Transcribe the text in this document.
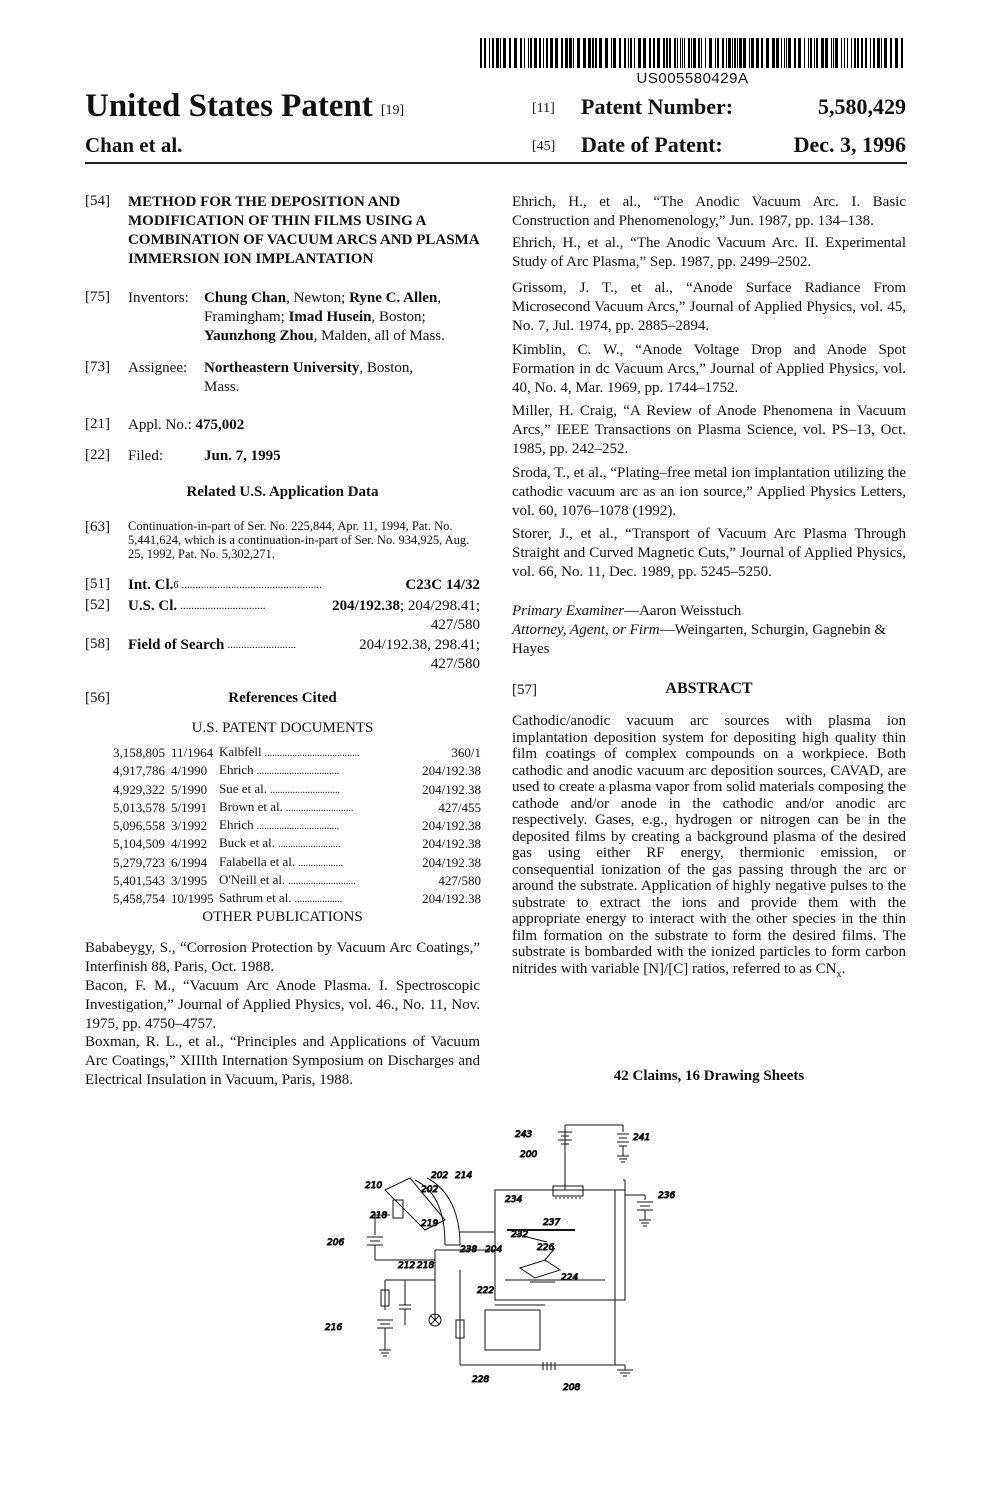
US005580429A
United States Patent [19]
Chan et al.
[11] Patent Number:	5,580,429
[45] Date of Patent:	Dec. 3, 1996
[54] METHOD FOR THE DEPOSITION AND MODIFICATION OF THIN FILMS USING A COMBINATION OF VACUUM ARCS AND PLASMA IMMERSION ION IMPLANTATION
[75] Inventors: Chung Chan, Newton; Ryne C. Allen,
Framingham; Imad Husein, Boston;
Yaunzhong Zhou, Malden, all of Mass.
[73] Assignee: Northeastern University, Boston,
Mass.
[21] Appl. No.: 475,002
[22] Filed:	Jun. 7, 1995
Related U.S. Application Data
[63] Continuation-in-part of Ser. No. 225,844, Apr. 11, 1994, Pat. No. 5,441,624, which is a continuation-in-part of Ser. No. 934,925, Aug. 25, 1992, Pat. No. 5,302,271.
[51] Int. Cl. 6 ...................................................	C23C 14/32
[52] U.S. Cl. ...............................	204/192.38 ; 204/298.41;
427/580
[58] Field of Search .........................	204/192.38, 298.41;
427/580
[56]	References Cited
U.S. PATENT DOCUMENTS
3,158,805	11/1964	Kalbfell ......................................	360/1
4,917,786	4/1990	Ehrich .................................	204/192.38
4,929,322	5/1990	Sue et al. ............................	204/192.38
5,013,578	5/1991	Brown et al. ...........................	427/455
5,096,558	3/1992	Ehrich .................................	204/192.38
5,104,509	4/1992	Buck et al. .........................	204/192.38
5,279,723	6/1994	Falabella et al. ..................	204/192.38
5,401,543	3/1995	O'Neill et al. ...........................	427/580
5,458,754	10/1995	Sathrum et al. ...................	204/192.38
OTHER PUBLICATIONS
Bababeygy, S., “Corrosion Protection by Vacuum Arc Coatings,” Interfinish 88, Paris, Oct. 1988.
Bacon, F. M., “Vacuum Arc Anode Plasma. I. Spectroscopic Investigation,” Journal of Applied Physics, vol. 46., No. 11, Nov. 1975, pp. 4750–4757.
Boxman, R. L., et al., “Principles and Applications of Vacuum Arc Coatings,” XIIIth Internation Symposium on Discharges and Electrical Insulation in Vacuum, Paris, 1988.
Ehrich, H., et al., “The Anodic Vacuum Arc. I. Basic Construction and Phenomenology,” Jun. 1987, pp. 134–138.
Ehrich, H., et al., “The Anodic Vacuum Arc. II. Experimental Study of Arc Plasma,” Sep. 1987, pp. 2499–2502.
Grissom, J. T., et al., “Anode Surface Radiance From Microsecond Vacuum Arcs,” Journal of Applied Physics, vol. 45, No. 7, Jul. 1974, pp. 2885–2894.
Kimblin, C. W., “Anode Voltage Drop and Anode Spot Formation in dc Vacuum Arcs,” Journal of Applied Physics, vol. 40, No. 4, Mar. 1969, pp. 1744–1752.
Miller, H. Craig, “A Review of Anode Phenomena in Vacuum Arcs,” IEEE Transactions on Plasma Science, vol. PS–13, Oct. 1985, pp. 242–252.
Sroda, T., et al., “Plating–free metal ion implantation utilizing the cathodic vacuum arc as an ion source,” Applied Physics Letters, vol. 60, 1076–1078 (1992).
Storer, J., et al., “Transport of Vacuum Arc Plasma Through Straight and Curved Magnetic Cuts,” Journal of Applied Physics, vol. 66, No. 11, Dec. 1989, pp. 5245–5250.
Primary Examiner—Aaron Weisstuch
Attorney, Agent, or Firm—Weingarten, Schurgin, Gagnebin & Hayes
[57]	ABSTRACT
Cathodic/anodic vacuum arc sources with plasma ion implantation deposition system for depositing high quality thin film coatings of complex compounds on a workpiece. Both cathodic and anodic vacuum arc deposition sources, CAVAD, are used to create a plasma vapor from solid materials composing the cathode and/or anode in the cathodic and/or anodic arc respectively. Gases, e.g., hydrogen or nitrogen can be in the deposited films by creating a background plasma of the desired gas using either RF energy, thermionic emission, or consequential ionization of the gas passing through the arc or around the substrate. Application of highly negative pulses to the substrate to extract the ions and provide them with the appropriate energy to interact with the other species in the thin film formation on the substrate to form the desired films. The substrate is bombarded with the ionized particles to form carbon nitrides with variable [N]/[C] ratios, referred to as $CN_x$.
42 Claims, 16 Drawing Sheets
243	241
200
236
202 214
210	202
234
237
218
219
232
206
238 204	226
212 218
224
222
216
228
208
